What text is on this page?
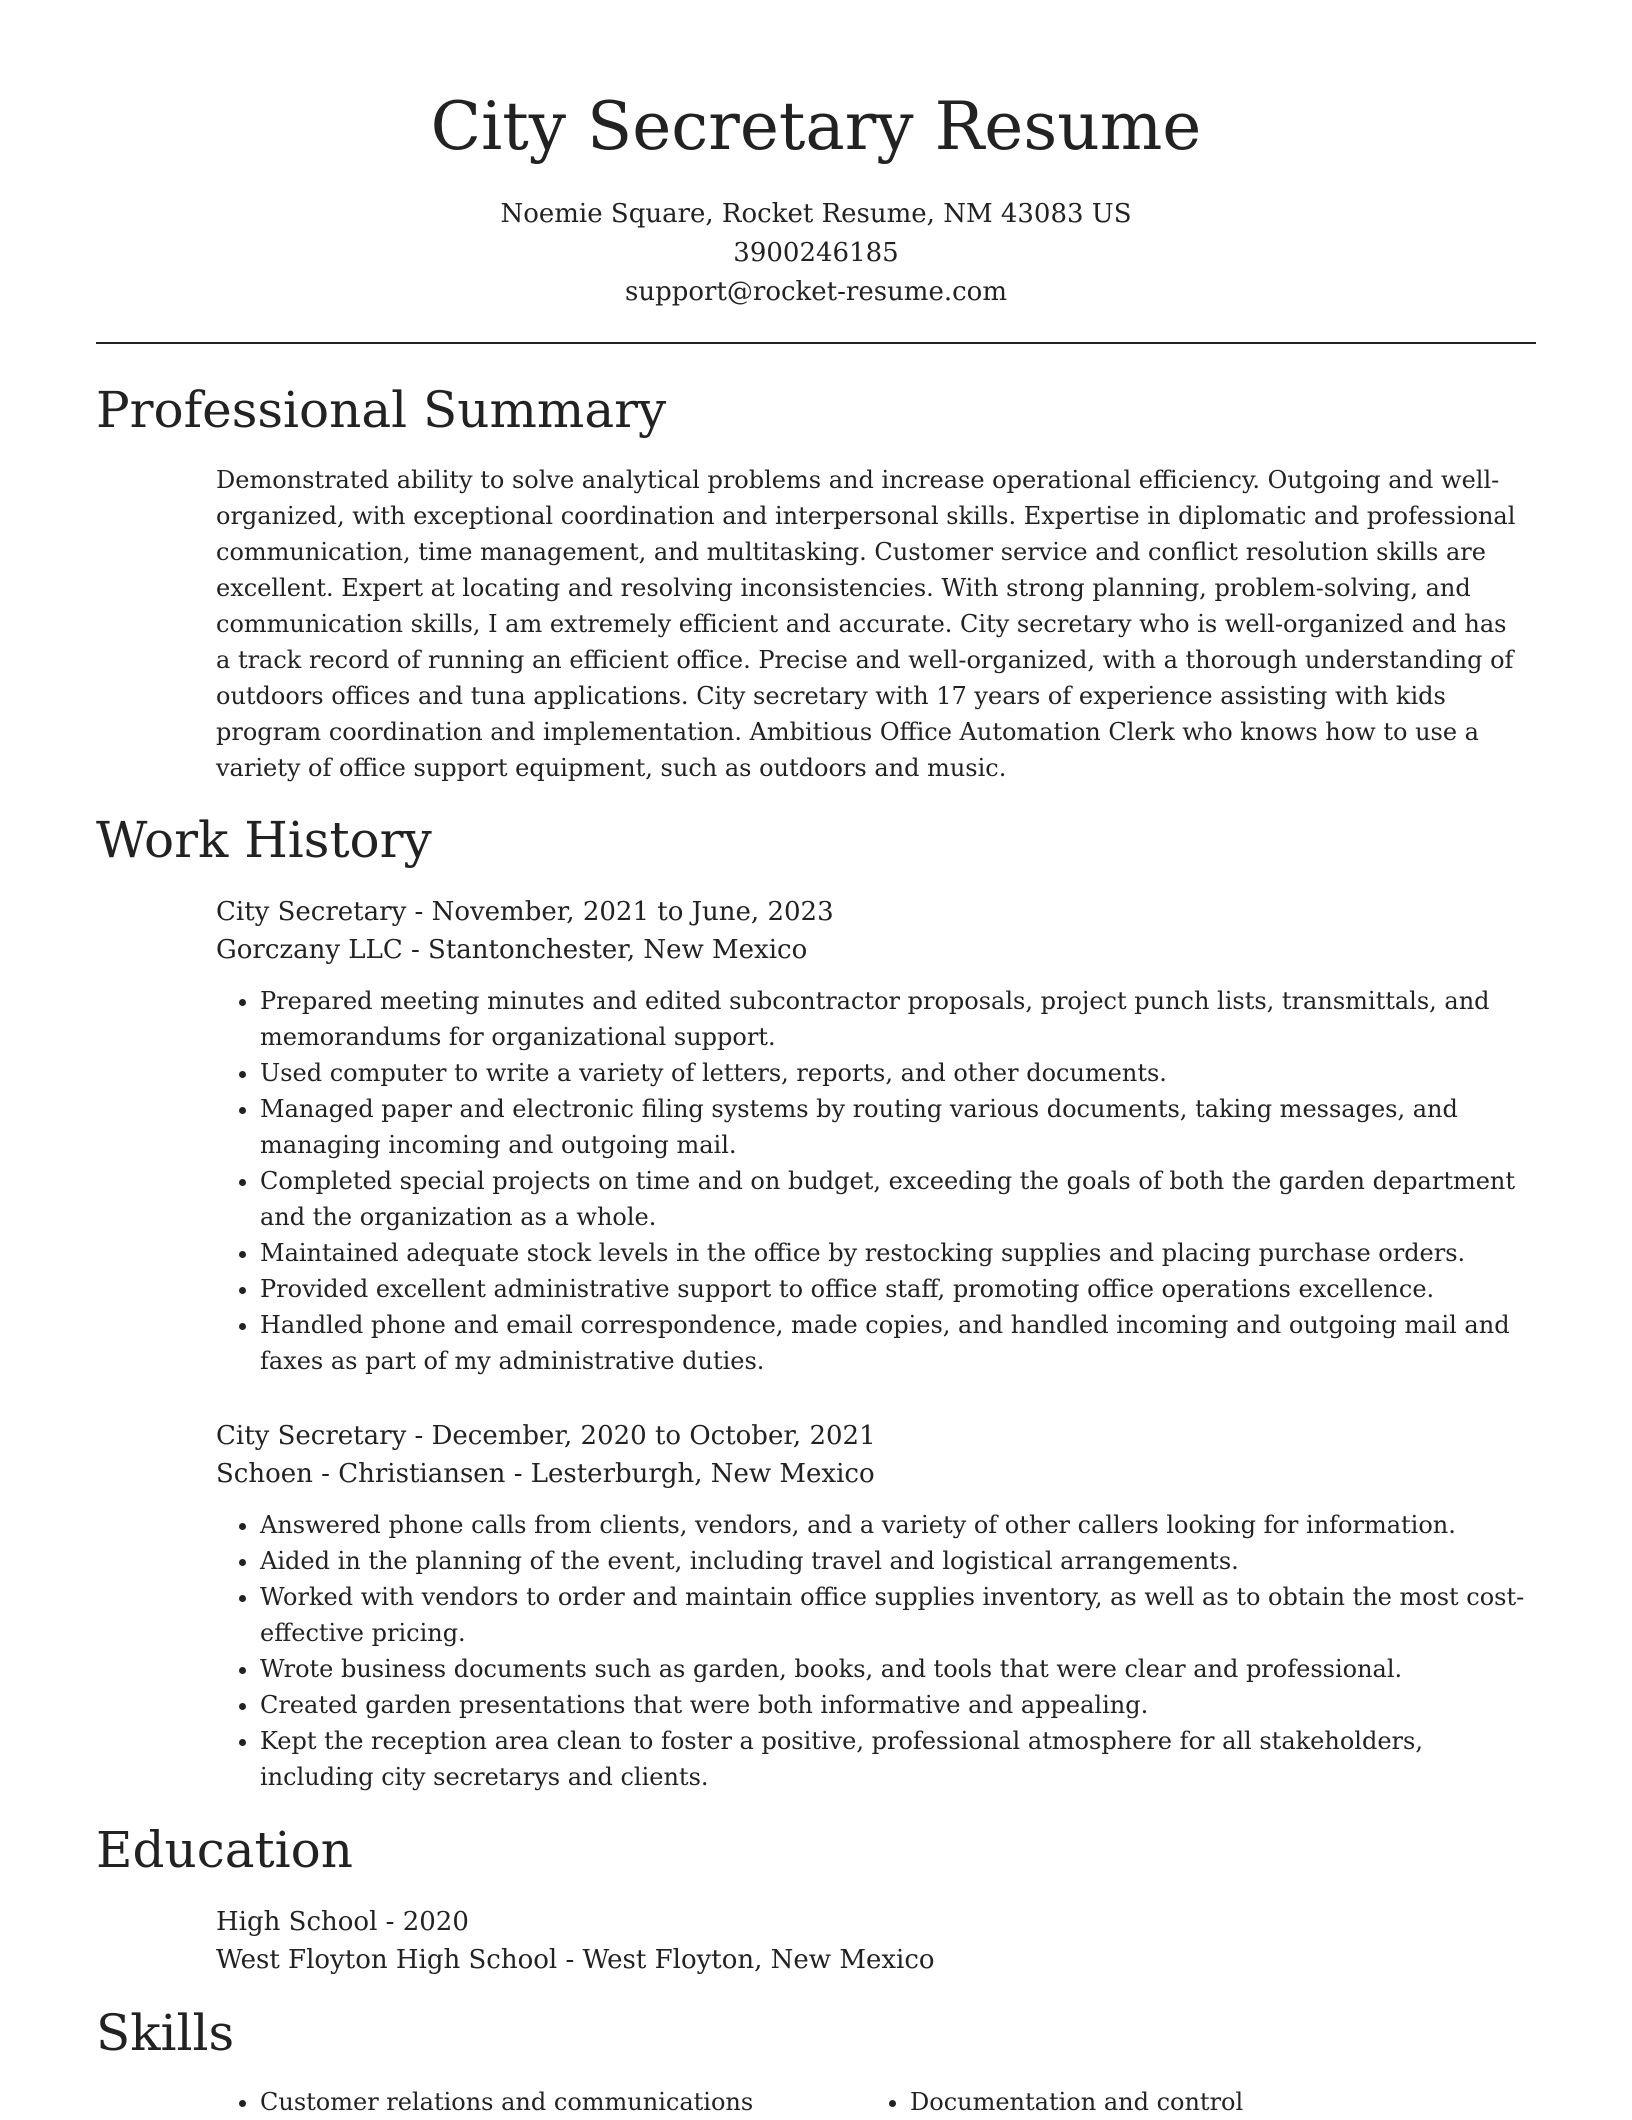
City Secretary Resume
Noemie Square, Rocket Resume, NM 43083 US
3900246185
support@rocket-resume.com
Professional Summary

Demonstrated ability to solve analytical problems and increase operational efficiency. Outgoing and well-organized, with exceptional coordination and interpersonal skills. Expertise in diplomatic and professional communication, time management, and multitasking. Customer service and conflict resolution skills are excellent. Expert at locating and resolving inconsistencies. With strong planning, problem-solving, and communication skills, I am extremely efficient and accurate. City secretary who is well-organized and has a track record of running an efficient office. Precise and well-organized, with a thorough understanding of outdoors offices and tuna applications. City secretary with 17 years of experience assisting with kids program coordination and implementation. Ambitious Office Automation Clerk who knows how to use a variety of office support equipment, such as outdoors and music.

Work History
City Secretary - November, 2021 to June, 2023
Gorczany LLC - Stantonchester, New Mexico
• Prepared meeting minutes and edited subcontractor proposals, project punch lists, transmittals, and memorandums for organizational support.
• Used computer to write a variety of letters, reports, and other documents.
• Managed paper and electronic filing systems by routing various documents, taking messages, and managing incoming and outgoing mail.
• Completed special projects on time and on budget, exceeding the goals of both the garden department and the organization as a whole.
• Maintained adequate stock levels in the office by restocking supplies and placing purchase orders.
• Provided excellent administrative support to office staff, promoting office operations excellence.
• Handled phone and email correspondence, made copies, and handled incoming and outgoing mail and faxes as part of my administrative duties.
City Secretary - December, 2020 to October, 2021
Schoen - Christiansen - Lesterburgh, New Mexico
• Answered phone calls from clients, vendors, and a variety of other callers looking for information.
• Aided in the planning of the event, including travel and logistical arrangements.
• Worked with vendors to order and maintain office supplies inventory, as well as to obtain the most cost-effective pricing.
• Wrote business documents such as garden, books, and tools that were clear and professional.
• Created garden presentations that were both informative and appealing.
• Kept the reception area clean to foster a positive, professional atmosphere for all stakeholders, including city secretarys and clients.
Education
High School - 2020
West Floyton High School - West Floyton, New Mexico
Skills
• Customer relations and communications
•	Documentation and control
